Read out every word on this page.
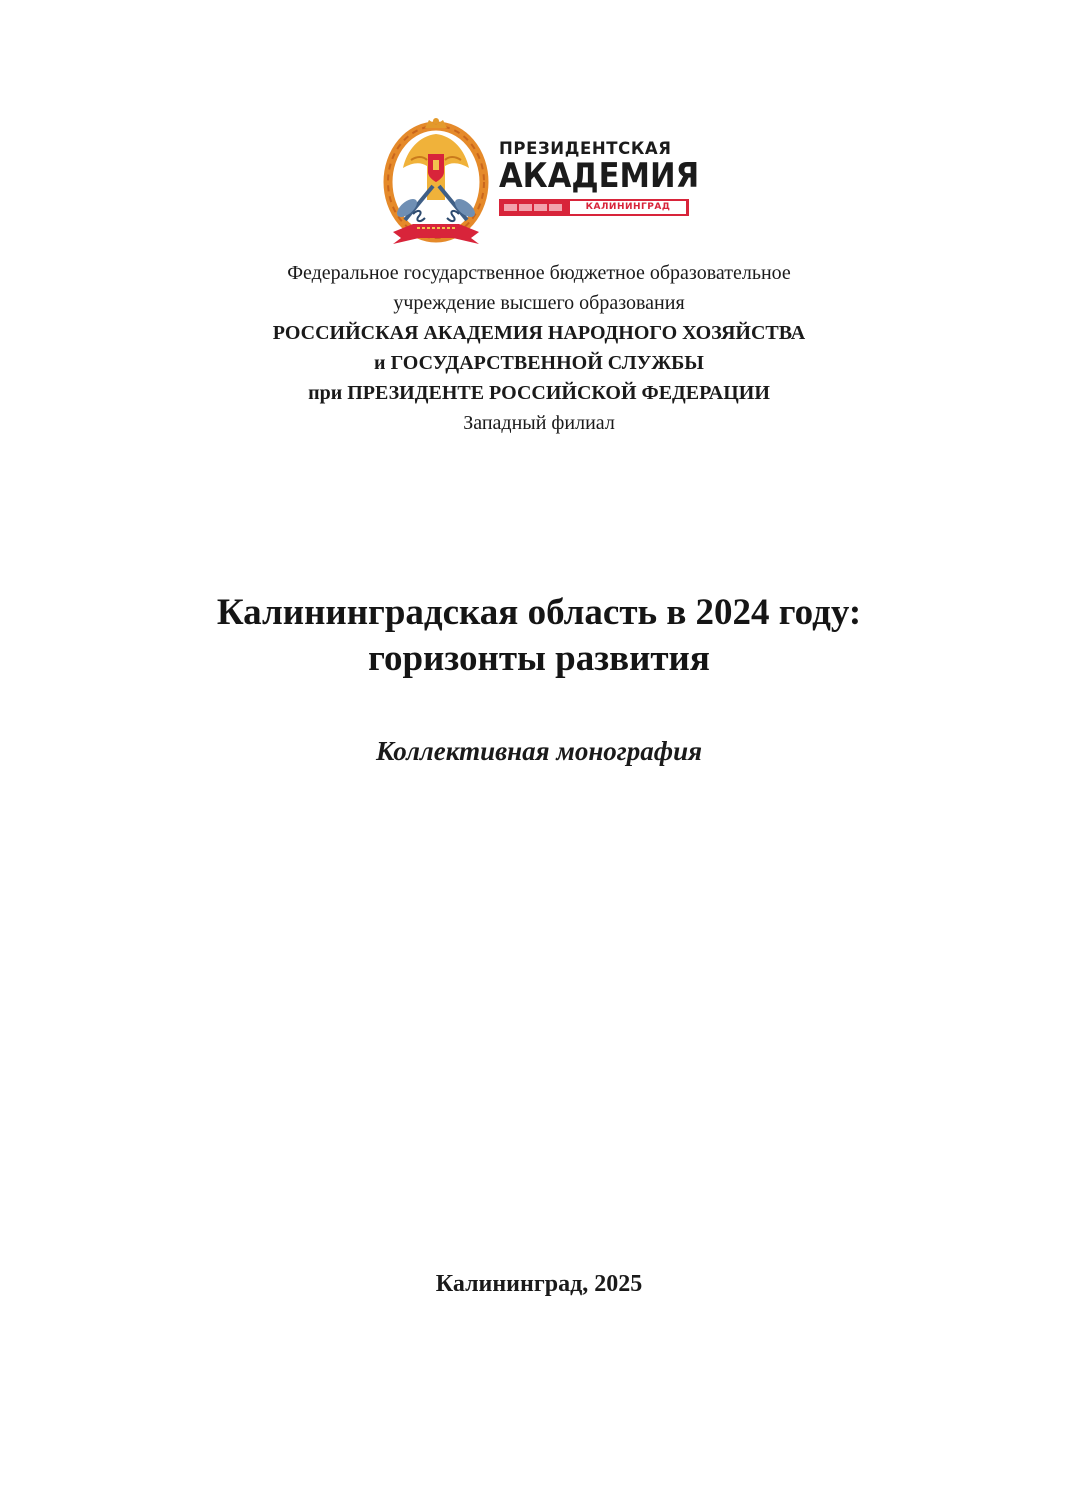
ПРЕЗИДЕНТСКАЯ
АКАДЕМИЯ
КАЛИНИНГРАД
Федеральное государственное бюджетное образовательное
учреждение высшего образования
РОССИЙСКАЯ АКАДЕМИЯ НАРОДНОГО ХОЗЯЙСТВА
и ГОСУДАРСТВЕННОЙ СЛУЖБЫ
при ПРЕЗИДЕНТЕ РОССИЙСКОЙ ФЕДЕРАЦИИ
Западный филиал
Калининградская область в 2024 году:
горизонты развития
Коллективная монография
Калининград, 2025
